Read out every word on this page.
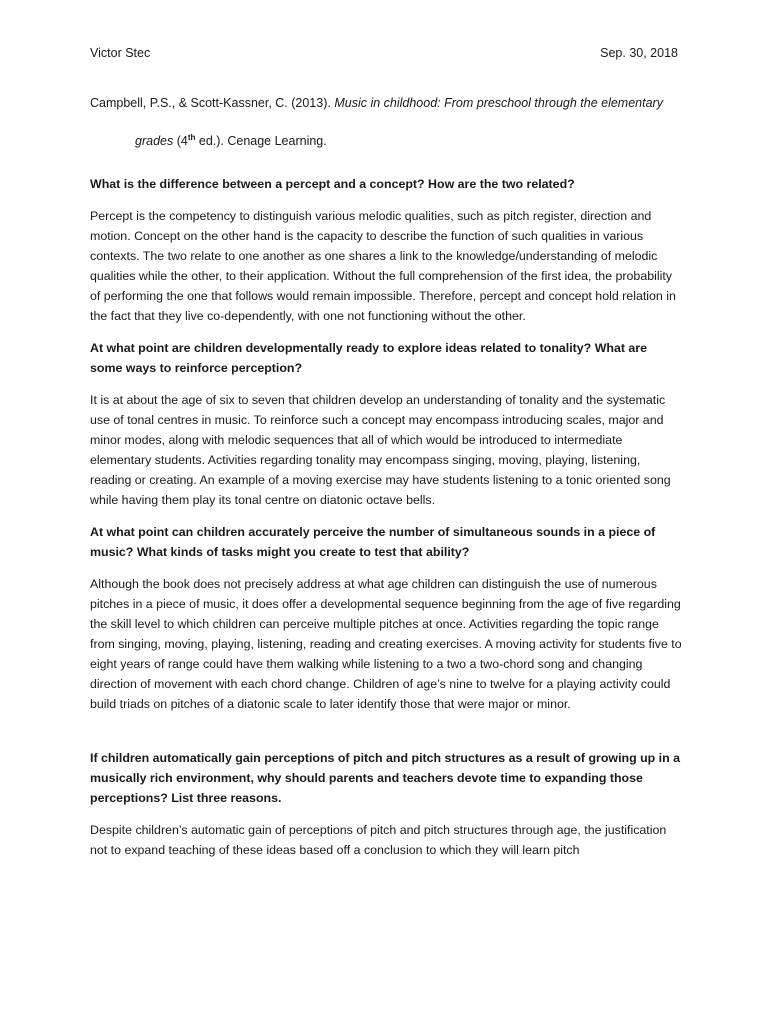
Victor Stec	Sep. 30, 2018
Campbell, P.S., & Scott-Kassner, C. (2013). Music in childhood: From preschool through the elementary
grades (4th ed.). Cenage Learning.

What is the difference between a percept and a concept? How are the two related?

Percept is the competency to distinguish various melodic qualities, such as pitch register, direction and motion. Concept on the other hand is the capacity to describe the function of such qualities in various contexts. The two relate to one another as one shares a link to the knowledge/understanding of melodic qualities while the other, to their application. Without the full comprehension of the first idea, the probability of performing the one that follows would remain impossible. Therefore, percept and concept hold relation in the fact that they live co-dependently, with one not functioning without the other.

At what point are children developmentally ready to explore ideas related to tonality? What are some ways to reinforce perception?

It is at about the age of six to seven that children develop an understanding of tonality and the systematic use of tonal centres in music. To reinforce such a concept may encompass introducing scales, major and minor modes, along with melodic sequences that all of which would be introduced to intermediate elementary students. Activities regarding tonality may encompass singing, moving, playing, listening, reading or creating. An example of a moving exercise may have students listening to a tonic oriented song while having them play its tonal centre on diatonic octave bells.

At what point can children accurately perceive the number of simultaneous sounds in a piece of music? What kinds of tasks might you create to test that ability?

Although the book does not precisely address at what age children can distinguish the use of numerous pitches in a piece of music, it does offer a developmental sequence beginning from the age of five regarding the skill level to which children can perceive multiple pitches at once. Activities regarding the topic range from singing, moving, playing, listening, reading and creating exercises. A moving activity for students five to eight years of range could have them walking while listening to a two a two-chord song and changing direction of movement with each chord change. Children of age’s nine to twelve for a playing activity could build triads on pitches of a diatonic scale to later identify those that were major or minor.

If children automatically gain perceptions of pitch and pitch structures as a result of growing up in a musically rich environment, why should parents and teachers devote time to expanding those perceptions? List three reasons.

Despite children’s automatic gain of perceptions of pitch and pitch structures through age, the justification not to expand teaching of these ideas based off a conclusion to which they will learn pitch
